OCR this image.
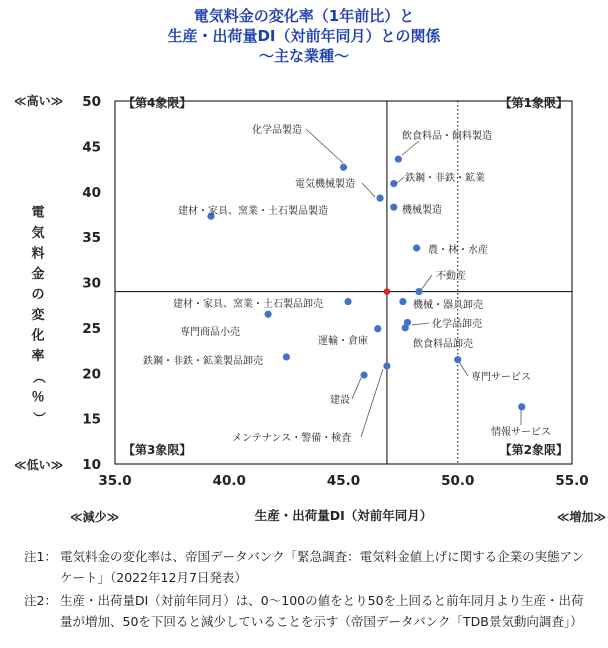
電気料金の変化率（1年前比）と
生産・出荷量DI（対前年同月）との関係
～主な業種～
10
15
20
25
30
35
40
45
50
35.0	40.0	45.0	50.0	55.0
【第4象限】	【第1象限】
【第3象限】	【第2象限】
≪高い≫
≪低い≫
≪減少≫	≪増加≫
生産・出荷量DI（対前年同月）
電
気
料
金
の
変
化
率
（
％
）
化学品製造
飲食料品・飼料製造
鉄鋼・非鉄・鉱業
電気機械製造
機械製造
建材・家具、窯業・土石製品製造
農・林・水産
不動産
建材・家具、窯業・土石製品卸売	機械・器具卸売
専門商品小売
化学品卸売
運輸・倉庫	飲食料品卸売
鉄鋼・非鉄・鉱業製品卸売
専門サービス
メンテナンス・警備・検査
建設
情報サービス
注1： 電気料金の変化率は、帝国データバンク「緊急調査：電気料金値上げに関する企業の実態アンケート」（2022年12月7日発表）
注2： 生産・出荷量DI（対前年同月）は、0～100の値をとり50を上回ると前年同月より生産・出荷量が増加、50を下回ると減少していることを示す（帝国データバンク「TDB景気動向調査」）
